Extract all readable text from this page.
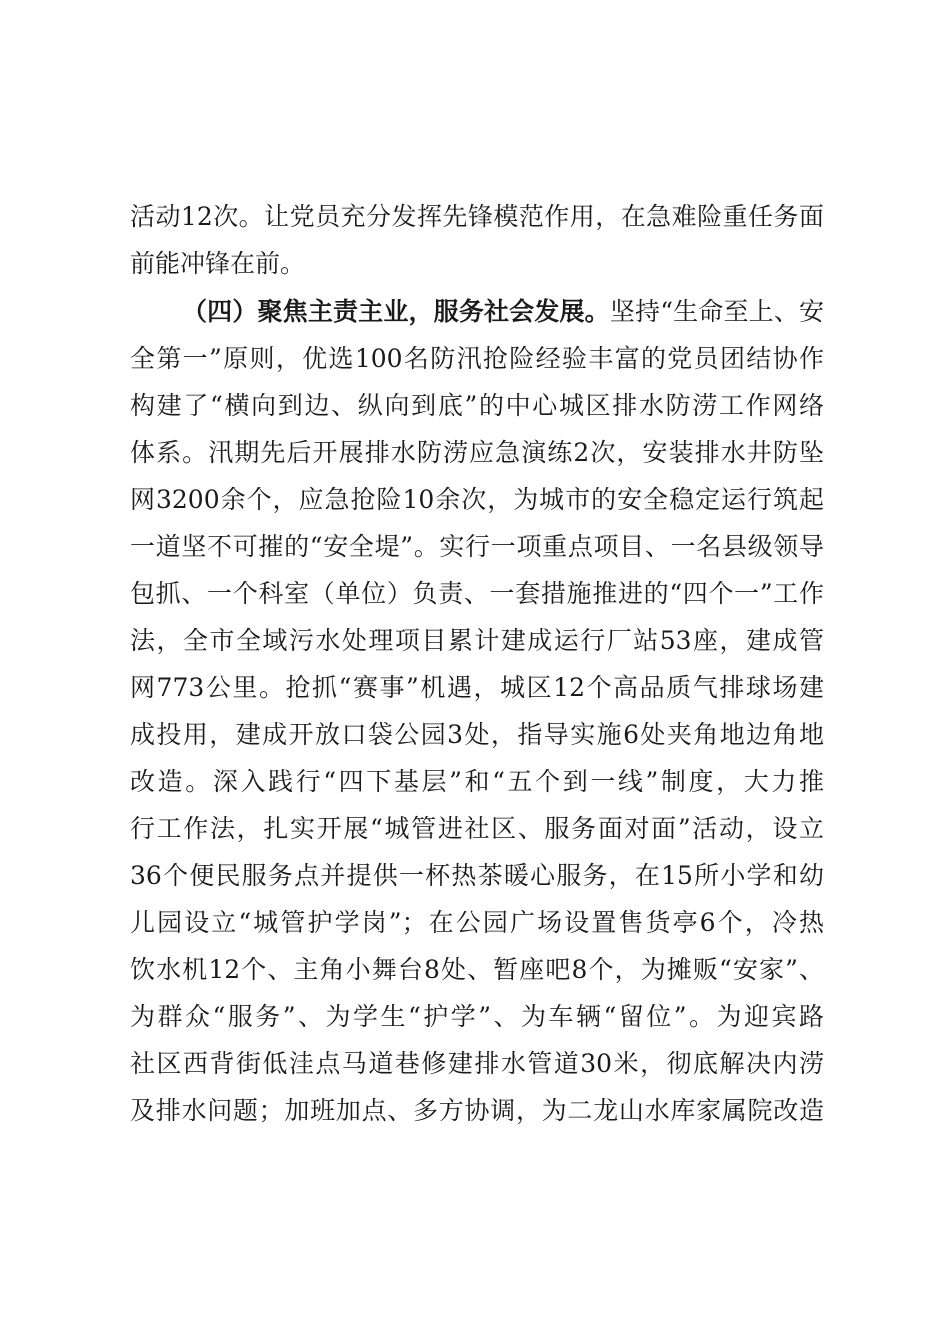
活动12次。让党员充分发挥先锋模范作用，在急难险重任务面
前能冲锋在前。
（四）聚焦主责主业，服务社会发展。坚持“生命至上、安
全第一”原则，优选100名防汛抢险经验丰富的党员团结协作
构建了“横向到边、纵向到底”的中心城区排水防涝工作网络
体系。汛期先后开展排水防涝应急演练2次，安装排水井防坠
网3200余个，应急抢险10余次，为城市的安全稳定运行筑起
一道坚不可摧的“安全堤”。实行一项重点项目、一名县级领导
包抓、一个科室（单位）负责、一套措施推进的“四个一”工作
法，全市全域污水处理项目累计建成运行厂站53座，建成管
网773公里。抢抓“赛事”机遇，城区12个高品质气排球场建
成投用，建成开放口袋公园3处，指导实施6处夹角地边角地
改造。深入践行“四下基层”和“五个到一线”制度，大力推
行工作法，扎实开展“城管进社区、服务面对面”活动，设立
36个便民服务点并提供一杯热茶暖心服务，在15所小学和幼
儿园设立“城管护学岗”；在公园广场设置售货亭6个，冷热
饮水机12个、主角小舞台8处、暂座吧8个，为摊贩“安家”、
为群众“服务”、为学生“护学”、为车辆“留位”。为迎宾路
社区西背街低洼点马道巷修建排水管道30米，彻底解决内涝
及排水问题；加班加点、多方协调，为二龙山水库家属院改造
